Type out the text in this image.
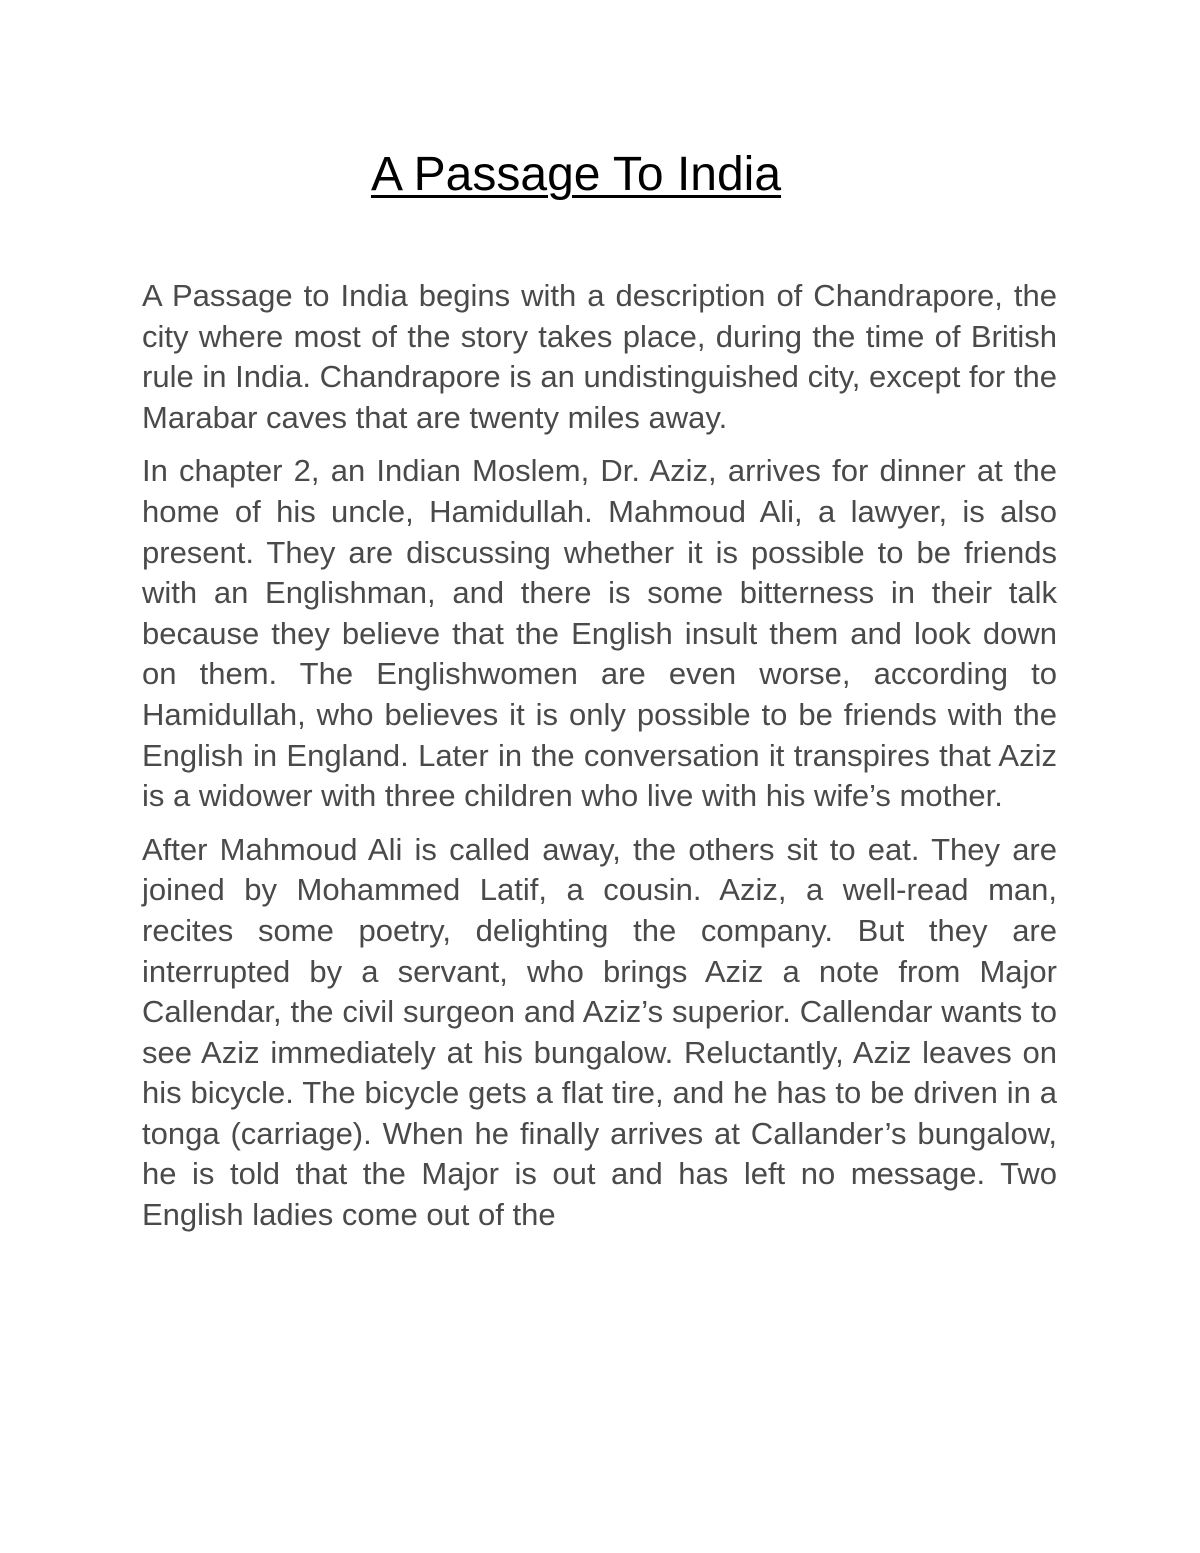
A Passage To India

A Passage to India begins with a description of Chandrapore, the city where most of the story takes place, during the time of British rule in India. Chandrapore is an undistinguished city, except for the Marabar caves that are twenty miles away.

In chapter 2, an Indian Moslem, Dr. Aziz, arrives for dinner at the home of his uncle, Hamidullah. Mahmoud Ali, a lawyer, is also present. They are discussing whether it is possible to be friends with an Englishman, and there is some bitterness in their talk because they believe that the English insult them and look down on them. The Englishwomen are even worse, according to Hamidullah, who believes it is only possible to be friends with the English in England. Later in the conversation it transpires that Aziz is a widower with three children who live with his wife’s mother.

After Mahmoud Ali is called away, the others sit to eat. They are joined by Mohammed Latif, a cousin. Aziz, a well-read man, recites some poetry, delighting the company. But they are interrupted by a servant, who brings Aziz a note from Major Callendar, the civil surgeon and Aziz’s superior. Callendar wants to see Aziz immediately at his bungalow. Reluctantly, Aziz leaves on his bicycle. The bicycle gets a flat tire, and he has to be driven in a tonga (carriage). When he finally arrives at Callander’s bungalow, he is told that the Major is out and has left no message. Two English ladies come out of the
